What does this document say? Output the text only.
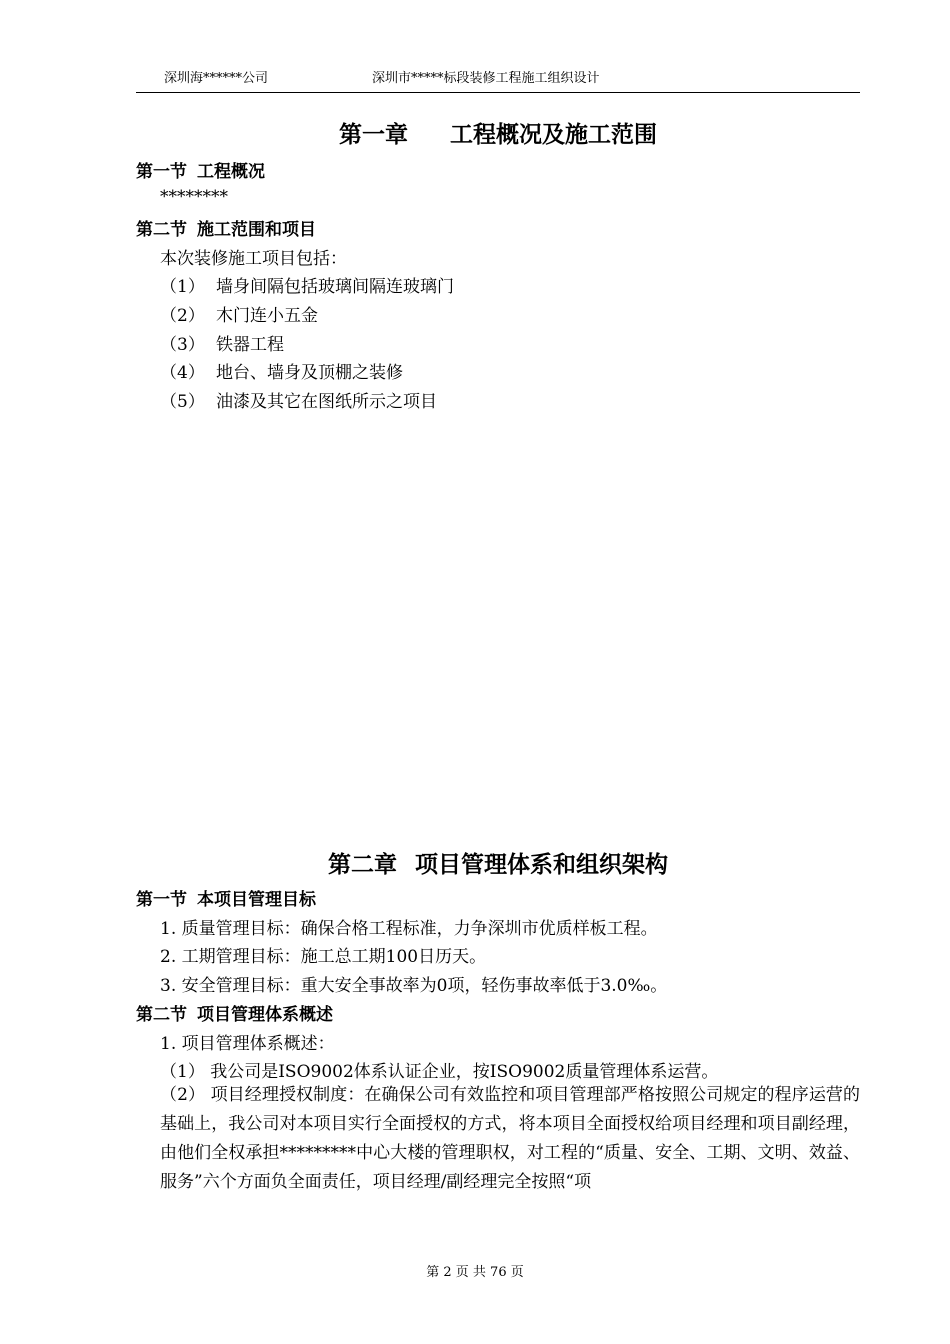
深圳海******公司	深圳市*****标段装修工程施工组织设计
第一章 工程概况及施工范围
第一节 工程概况
********
第二节 施工范围和项目
本次装修施工项目包括：
（1） 墙身间隔包括玻璃间隔连玻璃门
（2） 木门连小五金
（3） 铁器工程
（4） 地台、墙身及顶棚之装修
（5） 油漆及其它在图纸所示之项目
第二章 项目管理体系和组织架构
第一节 本项目管理目标
1. 质量管理目标：确保合格工程标准，力争深圳市优质样板工程。
2. 工期管理目标：施工总工期100日历天。
3. 安全管理目标：重大安全事故率为0项，轻伤事故率低于3.0‰。
第二节 项目管理体系概述
1. 项目管理体系概述：
（1） 我公司是ISO9002体系认证企业，按ISO9002质量管理体系运营。
（2） 项目经理授权制度：在确保公司有效监控和项目管理部严格按照公司规定的程序运营的基础上，我公司对本项目实行全面授权的方式，将本项目全面授权给项目经理和项目副经理，由他们全权承担*********中心大楼的管理职权，对工程的“质量、安全、工期、文明、效益、服务”六个方面负全面责任，项目经理/副经理完全按照“项
第 2 页 共 76 页
